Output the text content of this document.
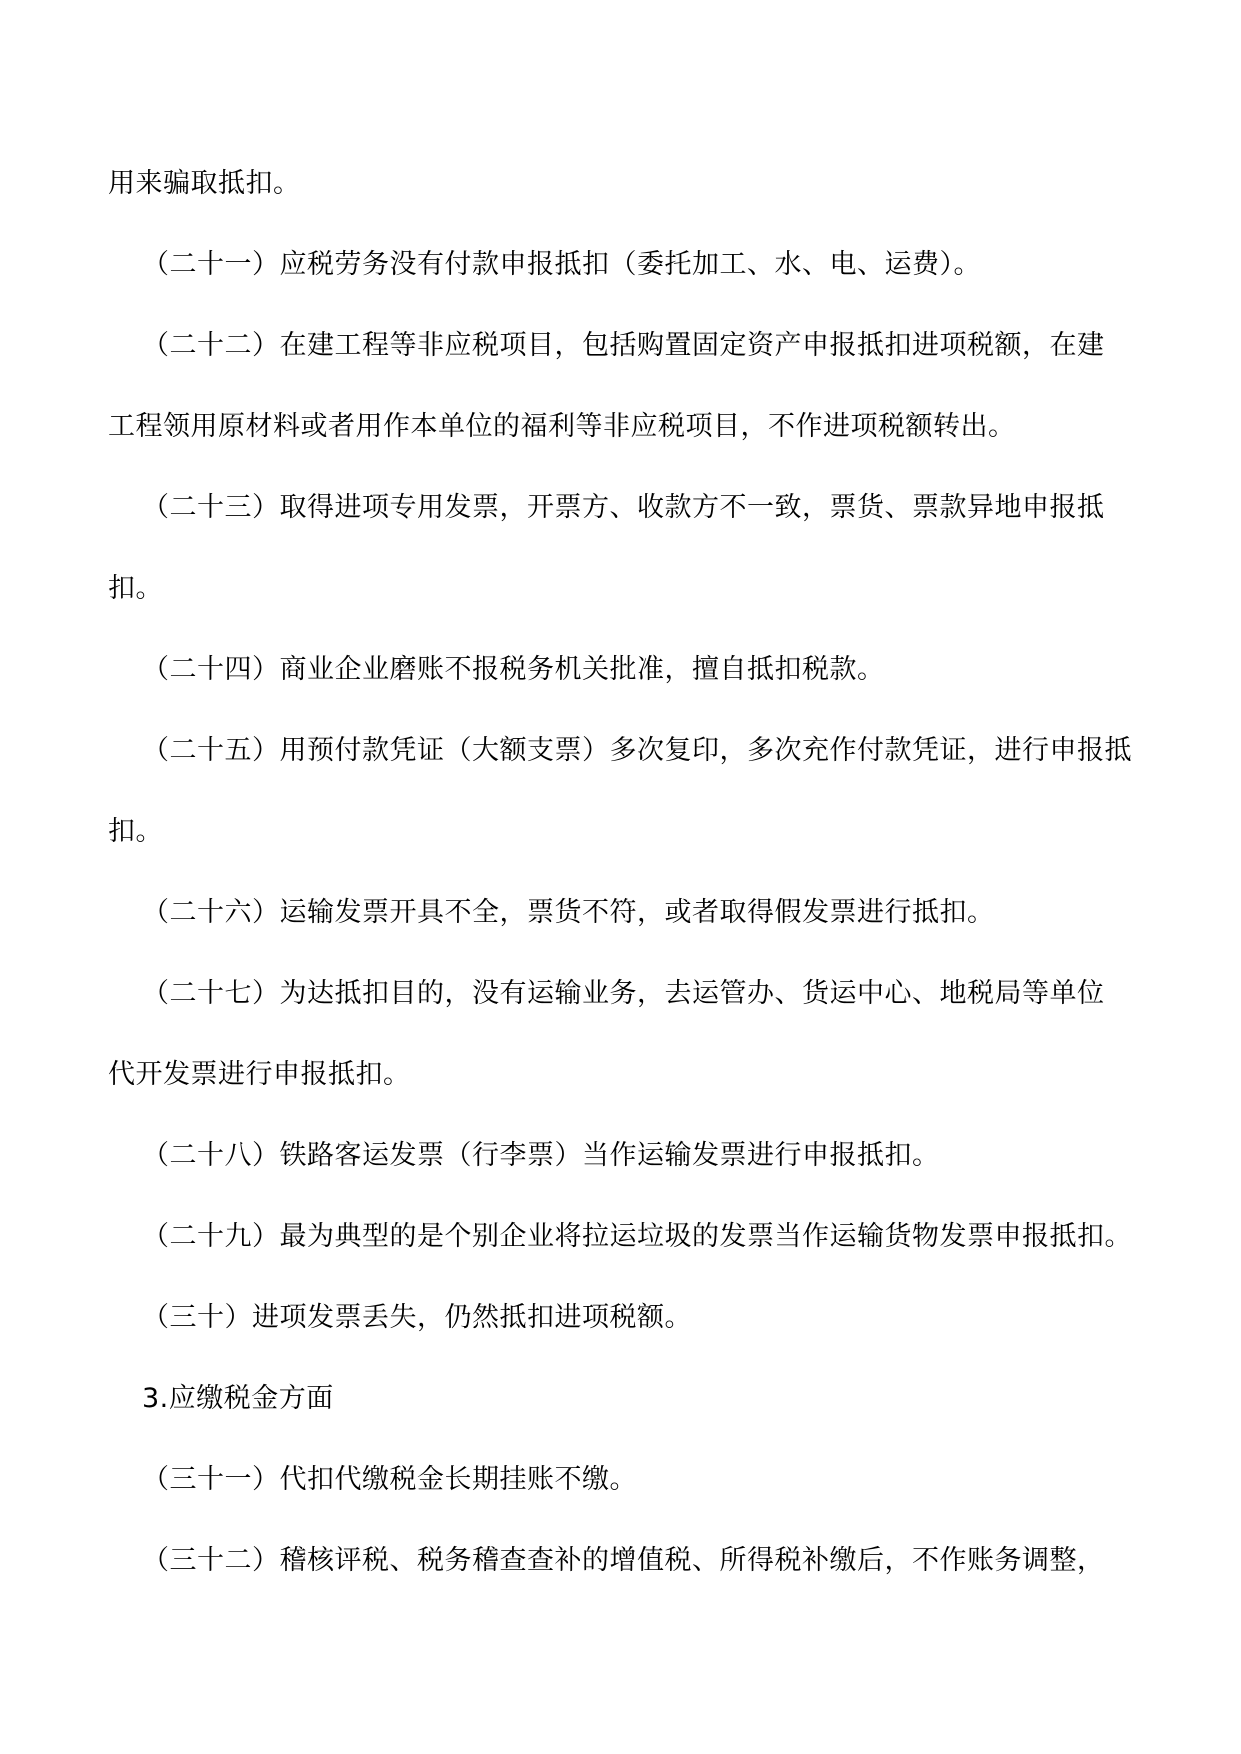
用来骗取抵扣。
（二十一）应税劳务没有付款申报抵扣（委托加工、水、电、运费）。
（二十二）在建工程等非应税项目，包括购置固定资产申报抵扣进项税额，在建
工程领用原材料或者用作本单位的福利等非应税项目，不作进项税额转出。
（二十三）取得进项专用发票，开票方、收款方不一致，票货、票款异地申报抵
扣。
（二十四）商业企业磨账不报税务机关批准，擅自抵扣税款。
（二十五）用预付款凭证（大额支票）多次复印，多次充作付款凭证，进行申报抵
扣。
（二十六）运输发票开具不全，票货不符，或者取得假发票进行抵扣。
（二十七）为达抵扣目的，没有运输业务，去运管办、货运中心、地税局等单位
代开发票进行申报抵扣。
（二十八）铁路客运发票（行李票）当作运输发票进行申报抵扣。
（二十九）最为典型的是个别企业将拉运垃圾的发票当作运输货物发票申报抵扣。
（三十）进项发票丢失，仍然抵扣进项税额。
3.应缴税金方面
（三十一）代扣代缴税金长期挂账不缴。
（三十二）稽核评税、税务稽查查补的增值税、所得税补缴后，不作账务调整，
